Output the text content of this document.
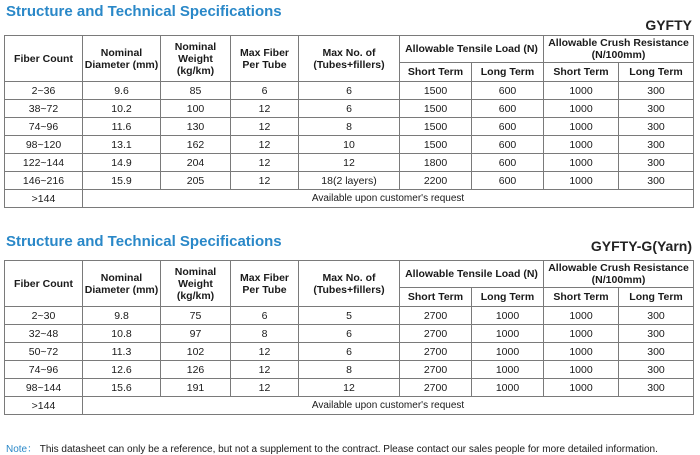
Structure and Technical Specifications
GYFTY
Fiber Count	Nominal Diameter (mm)	Nominal Weight (kg/km)	Max Fiber Per Tube	Max No. of (Tubes+fillers)	Allowable Tensile Load (N)		Allowable Crush Resistance (N/100mm)	
					Short Term	Long Term	Short Term	Long Term
2~36	9.6	85	6	6	1500	600	1000	300
38~72	10.2	100	12	6	1500	600	1000	300
74~96	11.6	130	12	8	1500	600	1000	300
98~120	13.1	162	12	10	1500	600	1000	300
122~144	14.9	204	12	12	1800	600	1000	300
146~216	15.9	205	12	18(2 layers)	2200	600	1000	300
>144	Available upon customer's request							
Structure and Technical Specifications	GYFTY-G(Yarn)
Fiber Count	Nominal Diameter (mm)	Nominal Weight (kg/km)	Max Fiber Per Tube	Max No. of (Tubes+fillers)	Allowable Tensile Load (N)		Allowable Crush Resistance (N/100mm)	
					Short Term	Long Term	Short Term	Long Term
2~30	9.8	75	6	5	2700	1000	1000	300
32~48	10.8	97	8	6	2700	1000	1000	300
50~72	11.3	102	12	6	2700	1000	1000	300
74~96	12.6	126	12	8	2700	1000	1000	300
98~144	15.6	191	12	12	2700	1000	1000	300
>144	Available upon customer's request							
Note： This datasheet can only be a reference, but not a supplement to the contract. Please contact our sales people for more detailed information.
